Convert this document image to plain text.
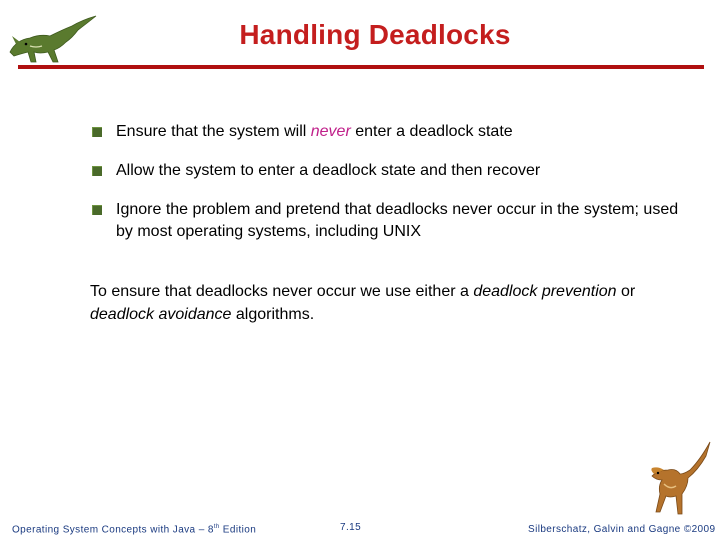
Handling Deadlocks
Ensure that the system will never enter a deadlock state
Allow the system to enter a deadlock state and then recover
Ignore the problem and pretend that deadlocks never occur in the system; used by most operating systems, including UNIX

To ensure that deadlocks never occur we use either a deadlock prevention or deadlock avoidance algorithms.

Operating System Concepts with Java – 8th Edition	7.15	Silberschatz, Galvin and Gagne ©2009
